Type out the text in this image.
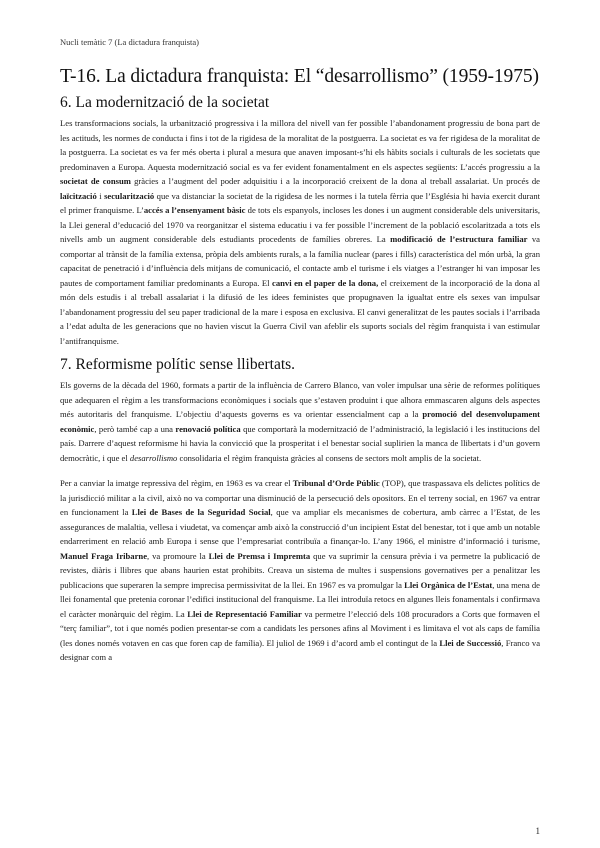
Nucli temàtic 7 (La dictadura franquista)
T-16. La dictadura franquista: El “desarrollismo” (1959-1975)
6. La modernització de la societat

Les transformacions socials, la urbanització progressiva i la millora del nivell van fer possible l’abandonament progressiu de bona part de les actituds, les normes de conducta i fins i tot de la rigidesa de la moralitat de la postguerra. La societat es va fer rigidesa de la moralitat de la postguerra. La societat es va fer més oberta i plural a mesura que anaven imposant-s’hi els hàbits socials i culturals de les societats que predominaven a Europa. Aquesta modernització social es va fer evident fonamentalment en els aspectes següents: L’accés progressiu a la societat de consum gràcies a l’augment del poder adquisitiu i a la incorporació creixent de la dona al treball assalariat. Un procés de laïcització i secularització que va distanciar la societat de la rigidesa de les normes i la tutela fèrria que l’Església hi havia exercit durant el primer franquisme. L’accés a l’ensenyament bàsic de tots els espanyols, incloses les dones i un augment considerable dels universitaris, la Llei general d’educació del 1970 va reorganitzar el sistema educatiu i va fer possible l’increment de la població escolaritzada a tots els nivells amb un augment considerable dels estudiants procedents de famílies obreres. La modificació de l’estructura familiar va comportar al trànsit de la família extensa, pròpia dels ambients rurals, a la família nuclear (pares i fills) característica del món urbà, la gran capacitat de penetració i d’influència dels mitjans de comunicació, el contacte amb el turisme i els viatges a l’estranger hi van imposar les pautes de comportament familiar predominants a Europa. El canvi en el paper de la dona, el creixement de la incorporació de la dona al món dels estudis i al treball assalariat i la difusió de les idees feministes que propugnaven la igualtat entre els sexes van impulsar l’abandonament progressiu del seu paper tradicional de la mare i esposa en exclusiva. El canvi generalitzat de les pautes socials i l’arribada a l’edat adulta de les generacions que no havien viscut la Guerra Civil van afeblir els suports socials del règim franquista i van estimular l’antifranquisme.

7. Reformisme polític sense llibertats.

Els governs de la dècada del 1960, formats a partir de la influència de Carrero Blanco, van voler impulsar una sèrie de reformes polítiques que adequaren el règim a les transformacions econòmiques i socials que s’estaven produint i que alhora emmascaren alguns dels aspectes més autoritaris del franquisme. L’objectiu d’aquests governs es va orientar essencialment cap a la promoció del desenvolupament econòmic, però també cap a una renovació política que comportarà la modernització de l’administració, la legislació i les institucions del país. Darrere d’aquest reformisme hi havia la convicció que la prosperitat i el benestar social suplirien la manca de llibertats i d’un govern democràtic, i que el desarrollismo consolidaria el règim franquista gràcies al consens de sectors molt amplis de la societat.

Per a canviar la imatge repressiva del règim, en 1963 es va crear el Tribunal d’Orde Públic (TOP), que traspassava els delictes polítics de la jurisdicció militar a la civil, això no va comportar una disminució de la persecució dels opositors. En el terreny social, en 1967 va entrar en funcionament la Llei de Bases de la Seguridad Social, que va ampliar els mecanismes de cobertura, amb càrrec a l’Estat, de les assegurances de malaltia, vellesa i viudetat, va començar amb això la construcció d’un incipient Estat del benestar, tot i que amb un notable endarreriment en relació amb Europa i sense que l’empresariat contribuïa a finançar-lo. L’any 1966, el ministre d’informació i turisme, Manuel Fraga Iribarne, va promoure la Llei de Premsa i Impremta que va suprimir la censura prèvia i va permetre la publicació de revistes, diàris i llibres que abans haurien estat prohibits. Creava un sistema de multes i suspensions governatives per a penalitzar les publicacions que superaren la sempre imprecisa permissivitat de la llei. En 1967 es va promulgar la Llei Orgànica de l’Estat, una mena de llei fonamental que pretenia coronar l’edifici institucional del franquisme. La llei introduïa retocs en algunes lleis fonamentals i confirmava el caràcter monàrquic del règim. La Llei de Representació Familiar va permetre l’elecció dels 108 procuradors a Corts que formaven el “terç familiar”, tot i que només podien presentar-se com a candidats les persones afins al Moviment i es limitava el vot als caps de família (les dones només votaven en cas que foren cap de família). El juliol de 1969 i d’acord amb el contingut de la Llei de Successió, Franco va designar com a

1
